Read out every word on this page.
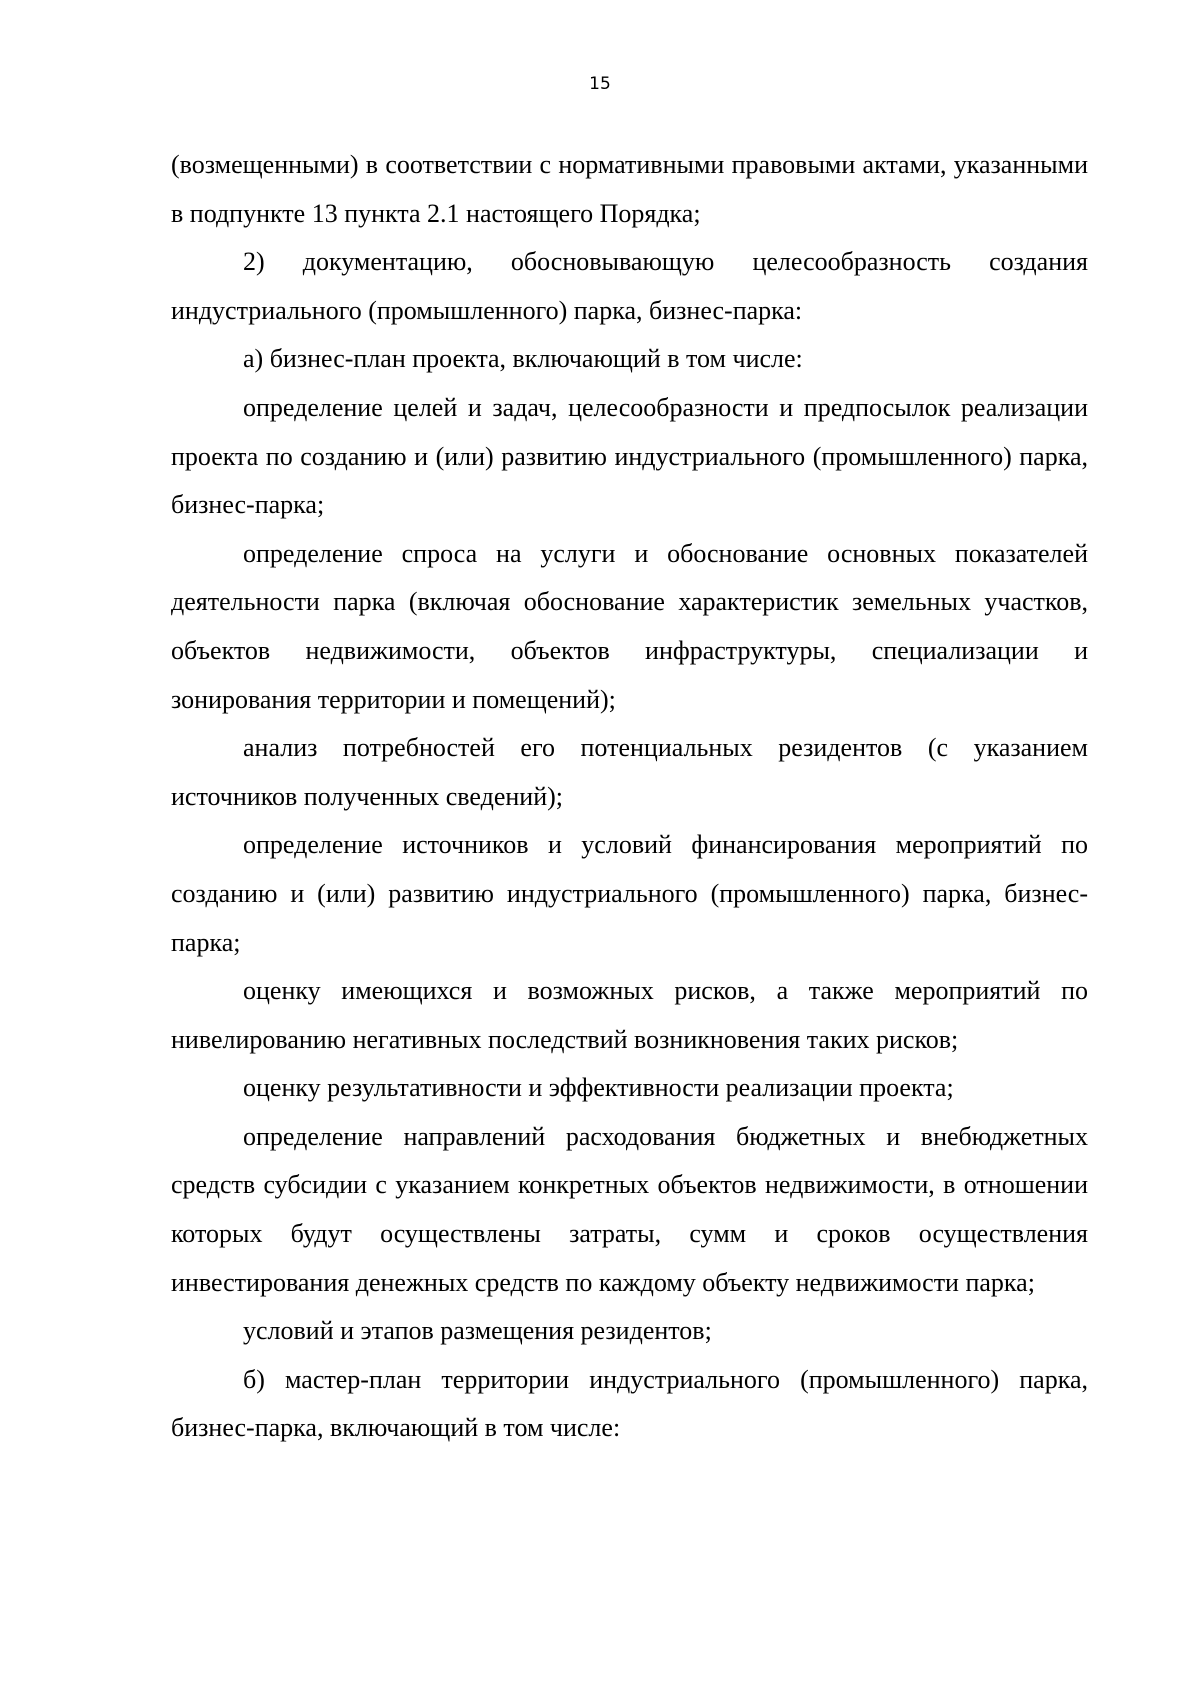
15

(возмещенными) в соответствии с нормативными правовыми актами, указанными в подпункте 13 пункта 2.1 настоящего Порядка;

2) документацию, обосновывающую целесообразность создания индустриального (промышленного) парка, бизнес-парка:

а) бизнес-план проекта, включающий в том числе:

определение целей и задач, целесообразности и предпосылок реализации проекта по созданию и (или) развитию индустриального (промышленного) парка, бизнес-парка;

определение спроса на услуги и обоснование основных показателей деятельности парка (включая обоснование характеристик земельных участков, объектов недвижимости, объектов инфраструктуры, специализации и зонирования территории и помещений);

анализ потребностей его потенциальных резидентов (с указанием источников полученных сведений);

определение источников и условий финансирования мероприятий по созданию и (или) развитию индустриального (промышленного) парка, бизнес-парка;

оценку имеющихся и возможных рисков, а также мероприятий по нивелированию негативных последствий возникновения таких рисков;

оценку результативности и эффективности реализации проекта;

определение направлений расходования бюджетных и внебюджетных средств субсидии с указанием конкретных объектов недвижимости, в отношении которых будут осуществлены затраты, сумм и сроков осуществления инвестирования денежных средств по каждому объекту недвижимости парка;

условий и этапов размещения резидентов;

б) мастер-план территории индустриального (промышленного) парка, бизнес-парка, включающий в том числе:
